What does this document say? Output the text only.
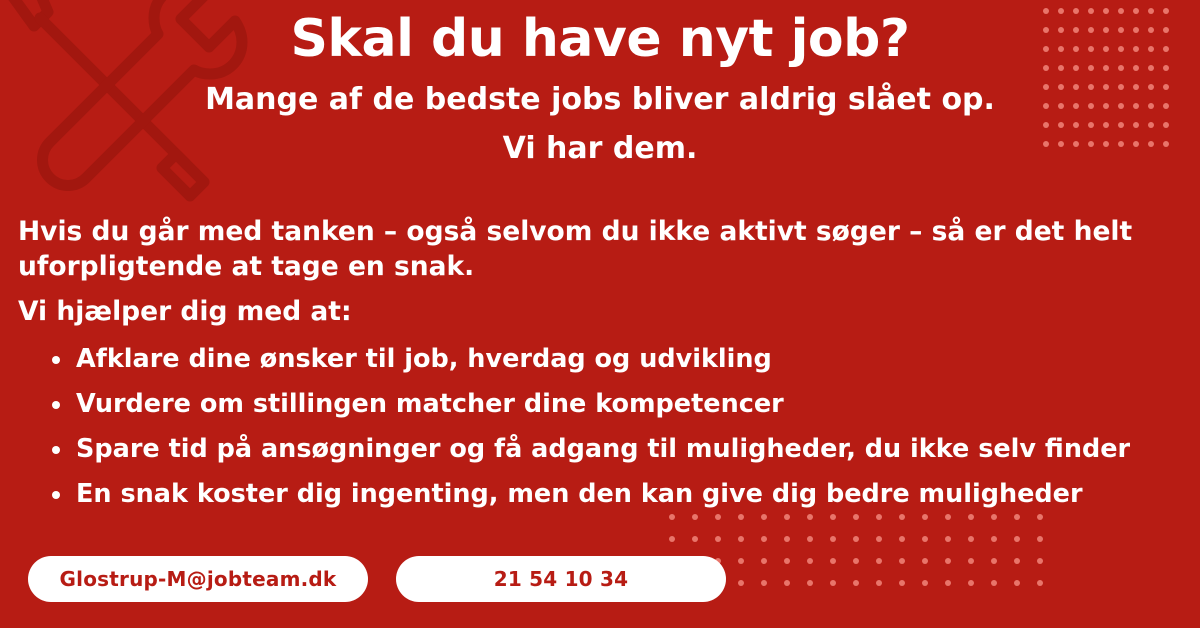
Skal du have nyt job?

Mange af de bedste jobs bliver aldrig slået op.

Vi har dem.

Hvis du går med tanken – også selvom du ikke aktivt søger – så er det helt uforpligtende at tage en snak.

Vi hjælper dig med at:

Afklare dine ønsker til job, hverdag og udvikling
Vurdere om stillingen matcher dine kompetencer
Spare tid på ansøgninger og få adgang til muligheder, du ikke selv finder
En snak koster dig ingenting, men den kan give dig bedre muligheder
Glostrup-M@jobteam.dk	21 54 10 34
